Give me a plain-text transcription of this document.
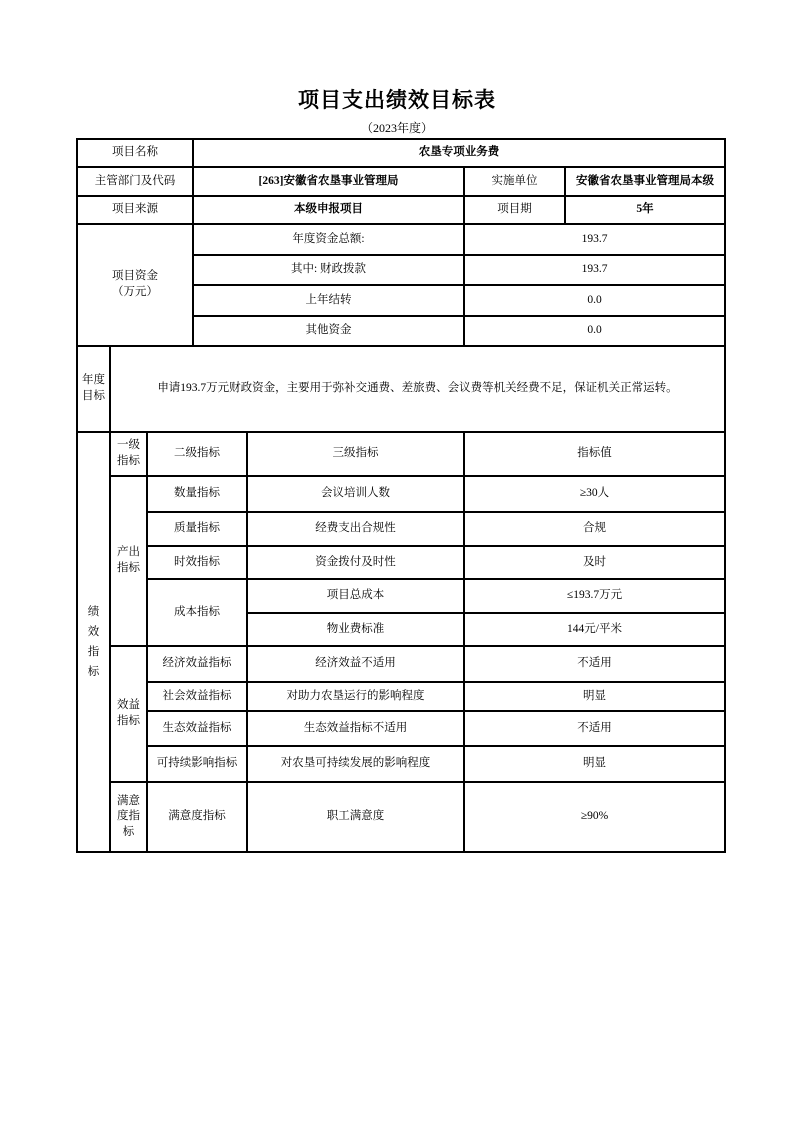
项目支出绩效目标表
（2023年度）
项目名称			农垦专项业务费			
主管部门及代码			[263]安徽省农垦事业管理局		实施单位	安徽省农垦事业管理局本级
项目来源			本级申报项目		项目期	5年

项目资金
（万元）			年度资金总额:		193.7	
			其中: 财政拨款		193.7	
			上年结转		0.0	
			其他资金		0.0	
年度目标	申请193.7万元财政资金，主要用于弥补交通费、差旅费、会议费等机关经费不足，保证机关正常运转。					
绩效指标	一级指标	二级指标		三级指标	指标值	
	产出指标	数量指标		会议培训人数	≥30人	
		质量指标		经费支出合规性	合规	
		时效指标		资金拨付及时性	及时	
		成本指标		项目总成本	≤193.7万元	
				物业费标准	144元/平米	
	效益指标	经济效益指标		经济效益不适用	不适用	
		社会效益指标		对助力农垦运行的影响程度	明显	
		生态效益指标		生态效益指标不适用	不适用	
		可持续影响指标		对农垦可持续发展的影响程度	明显	
	满意度指标	满意度指标		职工满意度	≥90%	
